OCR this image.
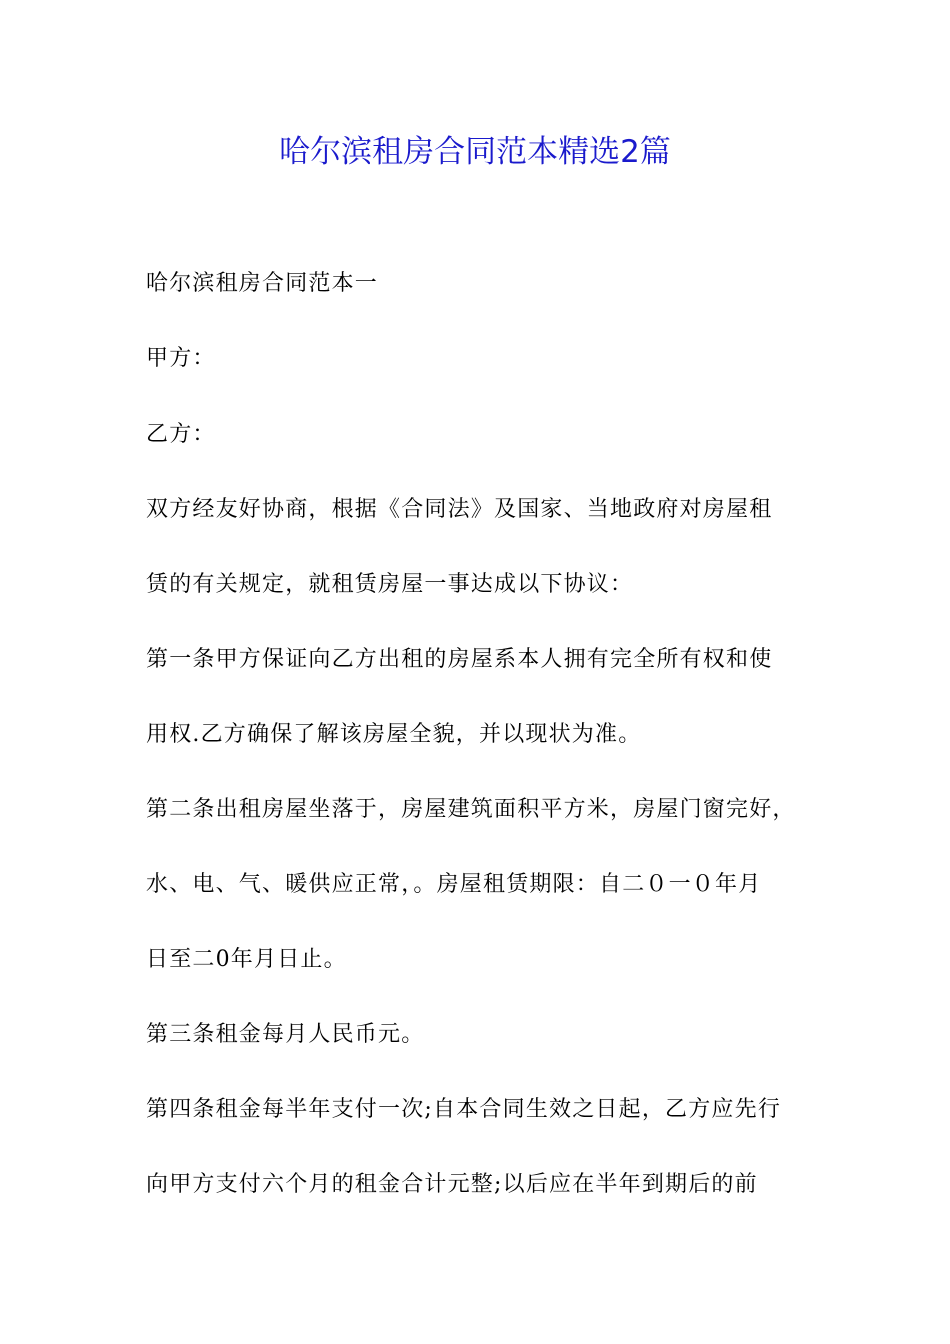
哈尔滨租房合同范本精选2篇

哈尔滨租房合同范本一

甲方：

乙方：

双方经友好协商，根据《合同法》及国家、当地政府对房屋租

赁的有关规定，就租赁房屋一事达成以下协议：

第一条甲方保证向乙方出租的房屋系本人拥有完全所有权和使

用权.乙方确保了解该房屋全貌，并以现状为准。

第二条出租房屋坐落于，房屋建筑面积平方米，房屋门窗完好，

水、电、气、暖供应正常，。房屋租赁期限：自二０一０年月

日至二0年月日止。

第三条租金每月人民币元。

第四条租金每半年支付一次;自本合同生效之日起，乙方应先行

向甲方支付六个月的租金合计元整;以后应在半年到期后的前
